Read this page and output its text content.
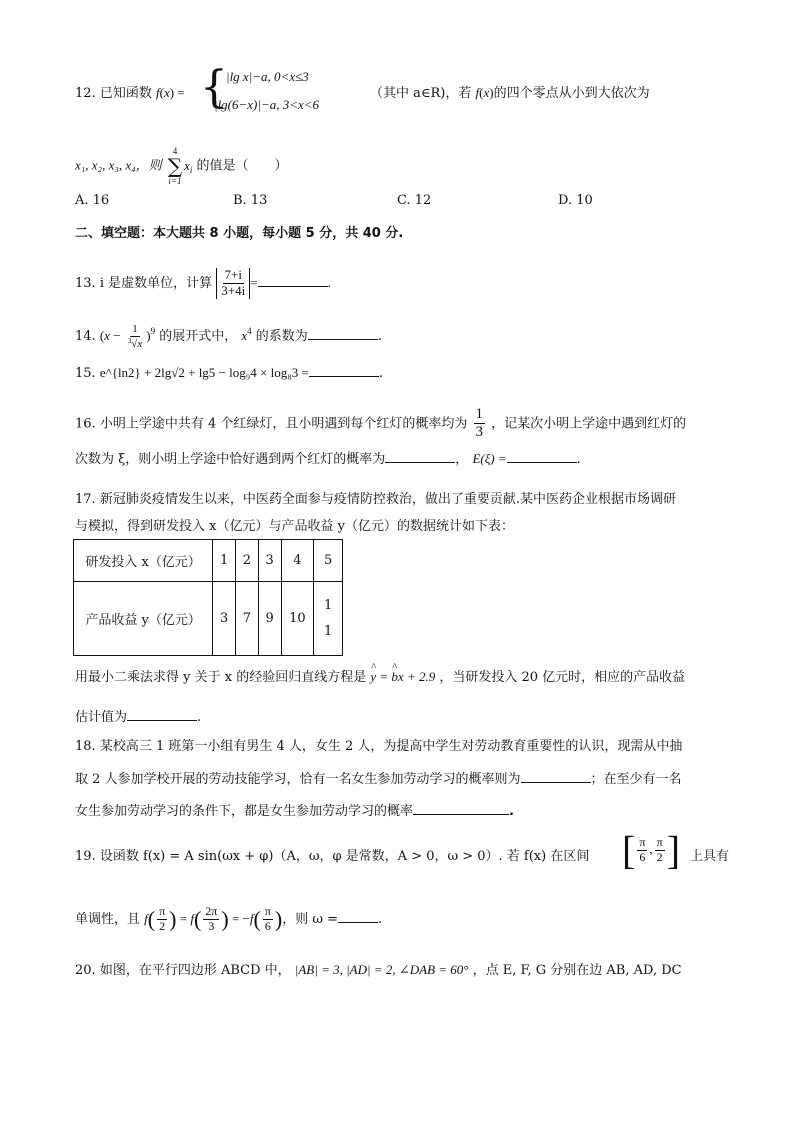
12. 已知函数 f(x) = {
|lg x|−a, 0<x≤3
|lg(6−x)|−a, 3<x<6
（其中 a∈R)，若 f(x)的四个零点从小到大依次为
x₁, x₂, x₃, x₄，则
4
∑
i=1
$x_i$ 的值是（　　）
A. 16	B. 13	C. 12	D. 10
二、填空题：本大题共 8 小题，每小题 5 分，共 40 分.
13. i 是虚数单位，计算 $\frac{7+i}{3+4i}$ =	.
14. $(x - \frac{1}{^3√x} )^9$ 的展开式中， $x^4$ 的系数为	.
15. e^{ln2} + 2lg√2 + lg5 − log₉4 × log₈3 =	.
16. 小明上学途中共有 4 个红绿灯，且小明遇到每个红灯的概率均为 $\frac{1}{3}$ ，记某次小明上学途中遇到红灯的
次数为 ξ，则小明上学途中恰好遇到两个红灯的概率为	， E(ξ) =	.
17. 新冠肺炎疫情发生以来，中医药全面参与疫情防控救治，做出了重要贡献.某中医药企业根据市场调研
与模拟，得到研发投入 x（亿元）与产品收益 y（亿元）的数据统计如下表：
研发投入 x（亿元）	1	2	3	4	5
产品收益 y（亿元）	3	7	9	10	1
1
用最小二乘法求得 y 关于 x 的经验回归直线方程是 ^ y = ^ bx + 2.9 ，当研发投入 20 亿元时，相应的产品收益
估计值为	.
18. 某校高三 1 班第一小组有男生 4 人，女生 2 人，为提高中学生对劳动教育重要性的认识，现需从中抽
取 2 人参加学校开展的劳动技能学习，恰有一名女生参加劳动学习的概率则为	；在至少有一名
女生参加劳动学习的条件下，都是女生参加劳动学习的概率	.
19. 设函数 f(x) = A sin(ωx + φ)（A，ω，φ 是常数，A > 0，ω > 0）. 若 f(x) 在区间 [ $\frac{\pi}{6}$ , $\frac{\pi}{2}$ ] 上具有
单调性，且 $f( \frac{\pi}{2}$ ) = $f( \frac{2\pi}{3}$ ) = $-f( \frac{\pi}{6}$ )，则 ω =	.
20. 如图，在平行四边形 ABCD 中， |AB| = 3, |AD| = 2, ∠DAB = 60° ，点 E, F, G 分别在边 AB, AD, DC
